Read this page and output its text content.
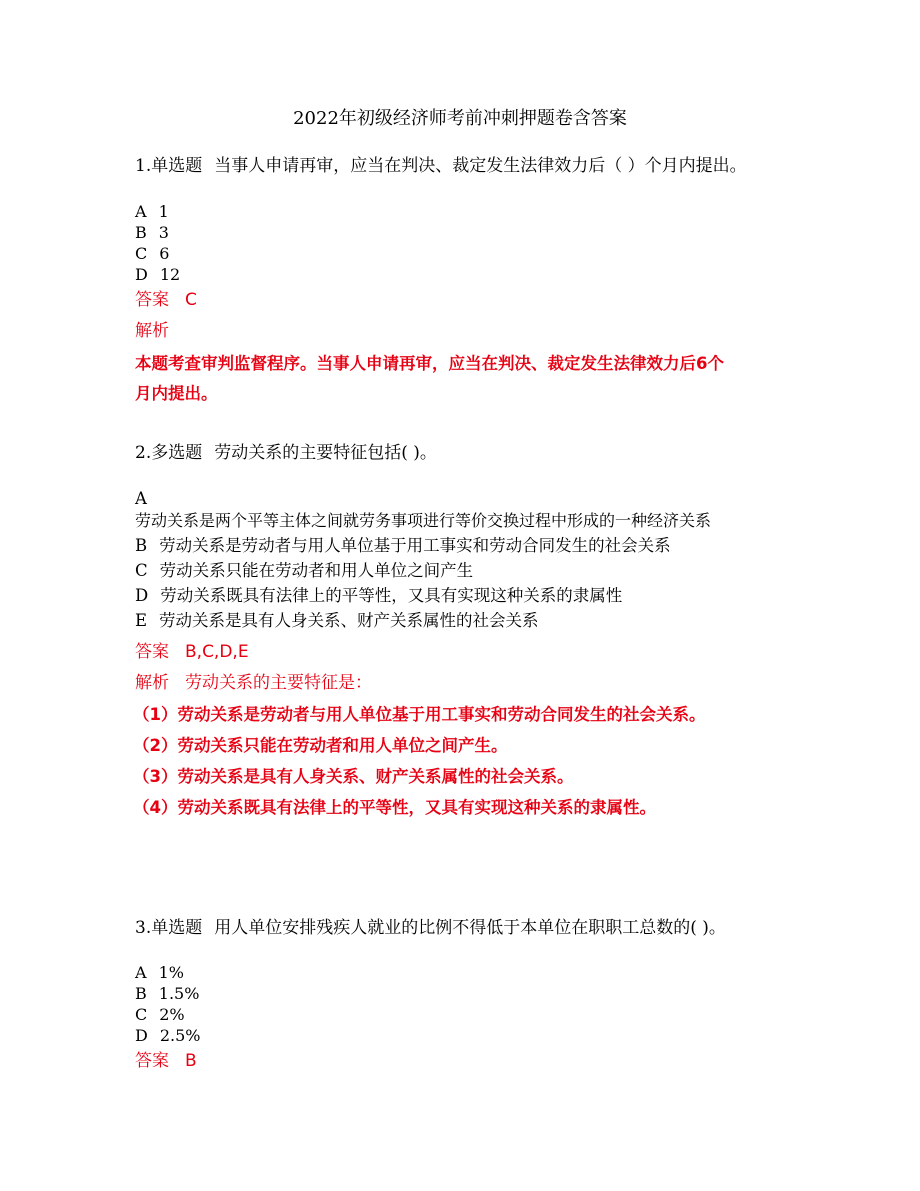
2022年初级经济师考前冲刺押题卷含答案
1.单选题 当事人申请再审，应当在判决、裁定发生法律效力后（ ）个月内提出。
A 1
B 3
C 6
D 12
答案 C
解析
本题考查审判监督程序。当事人申请再审，应当在判决、裁定发生法律效力后6个
月内提出。
2.多选题 劳动关系的主要特征包括( )。
A
劳动关系是两个平等主体之间就劳务事项进行等价交换过程中形成的一种经济关系
B 劳动关系是劳动者与用人单位基于用工事实和劳动合同发生的社会关系
C 劳动关系只能在劳动者和用人单位之间产生
D 劳动关系既具有法律上的平等性，又具有实现这种关系的隶属性
E 劳动关系是具有人身关系、财产关系属性的社会关系
答案 B,C,D,E
解析 劳动关系的主要特征是：
（1）劳动关系是劳动者与用人单位基于用工事实和劳动合同发生的社会关系。
（2）劳动关系只能在劳动者和用人单位之间产生。
（3）劳动关系是具有人身关系、财产关系属性的社会关系。
（4）劳动关系既具有法律上的平等性，又具有实现这种关系的隶属性。
3.单选题 用人单位安排残疾人就业的比例不得低于本单位在职职工总数的( )。
A 1%
B 1.5%
C 2%
D 2.5%
答案 B
